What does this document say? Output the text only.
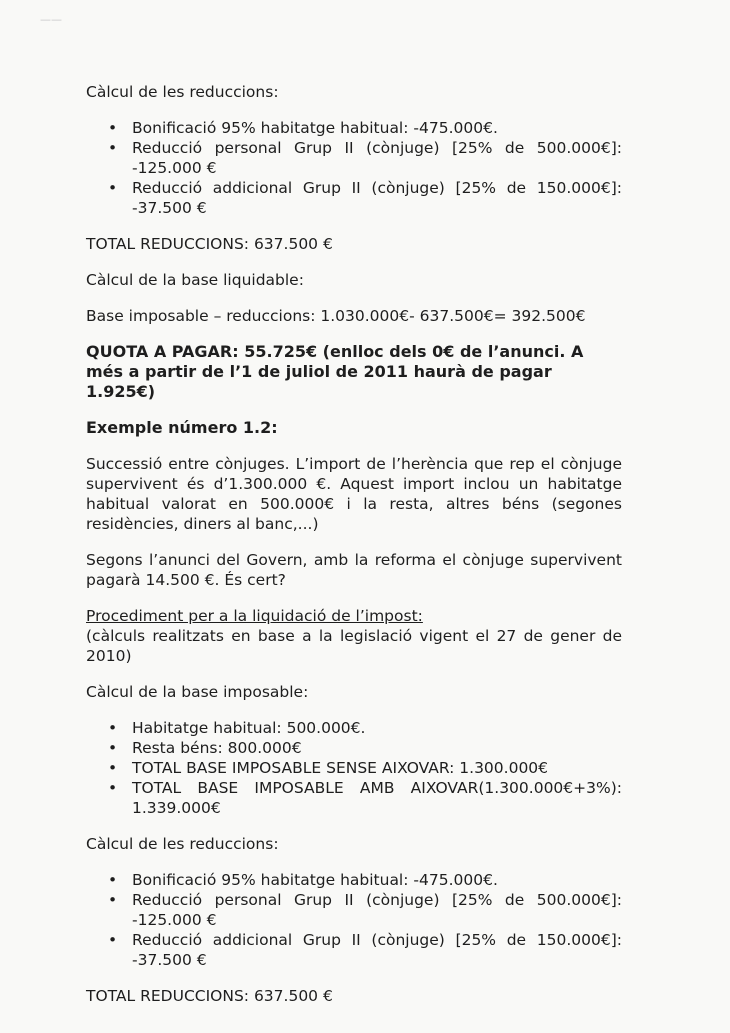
——

Càlcul de les reduccions:

• Bonificació 95% habitatge habitual: -475.000€.
• Reducció personal Grup II (cònjuge) [25% de 500.000€]: -125.000 €
• Reducció addicional Grup II (cònjuge) [25% de 150.000€]: -37.500 €

TOTAL REDUCCIONS: 637.500 €

Càlcul de la base liquidable:

Base imposable – reduccions: 1.030.000€- 637.500€= 392.500€

QUOTA A PAGAR: 55.725€ (enlloc dels 0€ de l’anunci. A més a partir de l’1 de juliol de 2011 haurà de pagar 1.925€)

Exemple número 1.2:

Successió entre cònjuges. L’import de l’herència que rep el cònjuge supervivent és d’1.300.000 €. Aquest import inclou un habitatge habitual valorat en 500.000€ i la resta, altres béns (segones residències, diners al banc,...)

Segons l’anunci del Govern, amb la reforma el cònjuge supervivent pagarà 14.500 €. És cert?

Procediment per a la liquidació de l’impost:
(càlculs realitzats en base a la legislació vigent el 27 de gener de 2010)

Càlcul de la base imposable:

• Habitatge habitual: 500.000€.
• Resta béns: 800.000€
• TOTAL BASE IMPOSABLE SENSE AIXOVAR: 1.300.000€
• TOTAL BASE IMPOSABLE AMB AIXOVAR(1.300.000€+3%): 1.339.000€

Càlcul de les reduccions:

• Bonificació 95% habitatge habitual: -475.000€.
• Reducció personal Grup II (cònjuge) [25% de 500.000€]: -125.000 €
• Reducció addicional Grup II (cònjuge) [25% de 150.000€]: -37.500 €

TOTAL REDUCCIONS: 637.500 €
